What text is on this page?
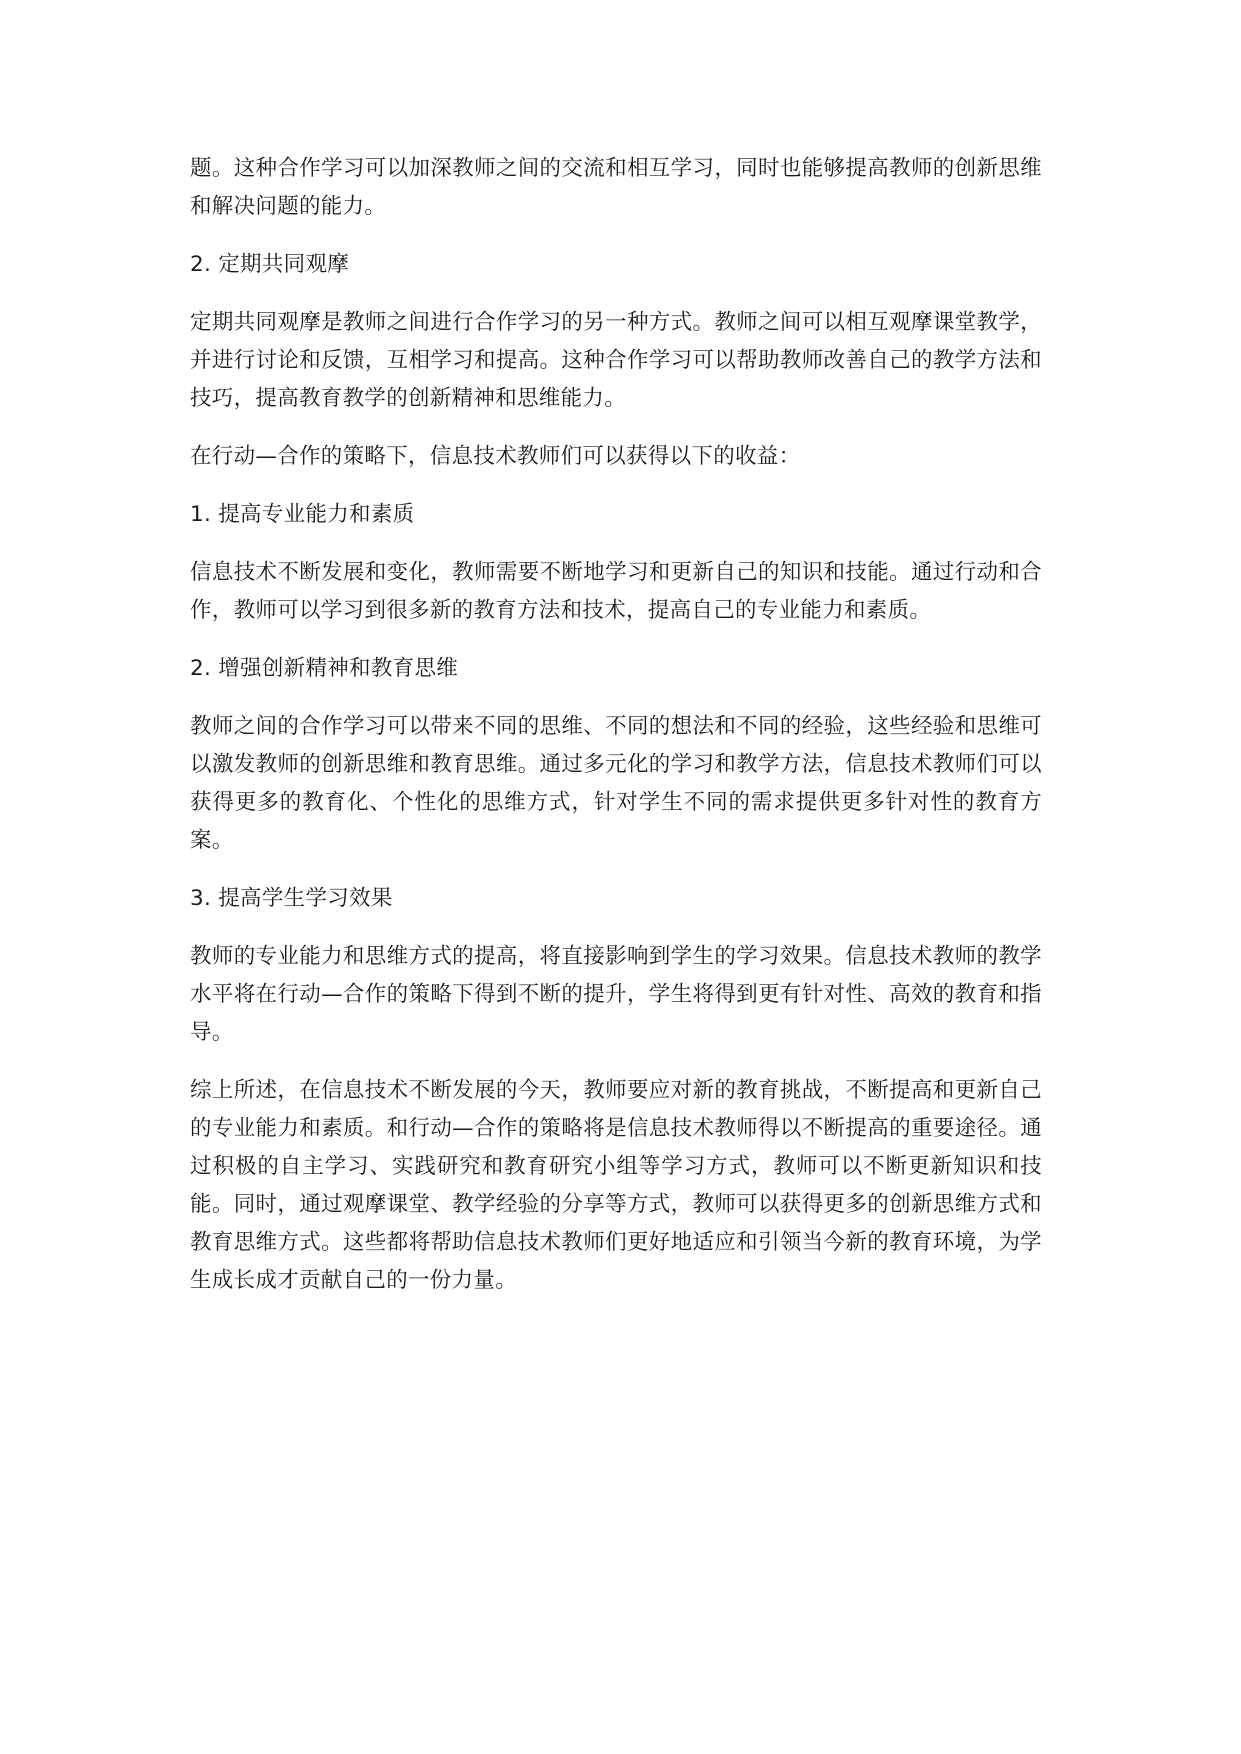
题。这种合作学习可以加深教师之间的交流和相互学习，同时也能够提高教师的创新思维和解决问题的能力。

2. 定期共同观摩

定期共同观摩是教师之间进行合作学习的另一种方式。教师之间可以相互观摩课堂教学，并进行讨论和反馈，互相学习和提高。这种合作学习可以帮助教师改善自己的教学方法和技巧，提高教育教学的创新精神和思维能力。

在行动—合作的策略下，信息技术教师们可以获得以下的收益：

1. 提高专业能力和素质

信息技术不断发展和变化，教师需要不断地学习和更新自己的知识和技能。通过行动和合作，教师可以学习到很多新的教育方法和技术，提高自己的专业能力和素质。

2. 增强创新精神和教育思维

教师之间的合作学习可以带来不同的思维、不同的想法和不同的经验，这些经验和思维可以激发教师的创新思维和教育思维。通过多元化的学习和教学方法，信息技术教师们可以获得更多的教育化、个性化的思维方式，针对学生不同的需求提供更多针对性的教育方案。

3. 提高学生学习效果

教师的专业能力和思维方式的提高，将直接影响到学生的学习效果。信息技术教师的教学水平将在行动—合作的策略下得到不断的提升，学生将得到更有针对性、高效的教育和指导。

综上所述，在信息技术不断发展的今天，教师要应对新的教育挑战，不断提高和更新自己的专业能力和素质。和行动—合作的策略将是信息技术教师得以不断提高的重要途径。通过积极的自主学习、实践研究和教育研究小组等学习方式，教师可以不断更新知识和技能。同时，通过观摩课堂、教学经验的分享等方式，教师可以获得更多的创新思维方式和教育思维方式。这些都将帮助信息技术教师们更好地适应和引领当今新的教育环境，为学生成长成才贡献自己的一份力量。
